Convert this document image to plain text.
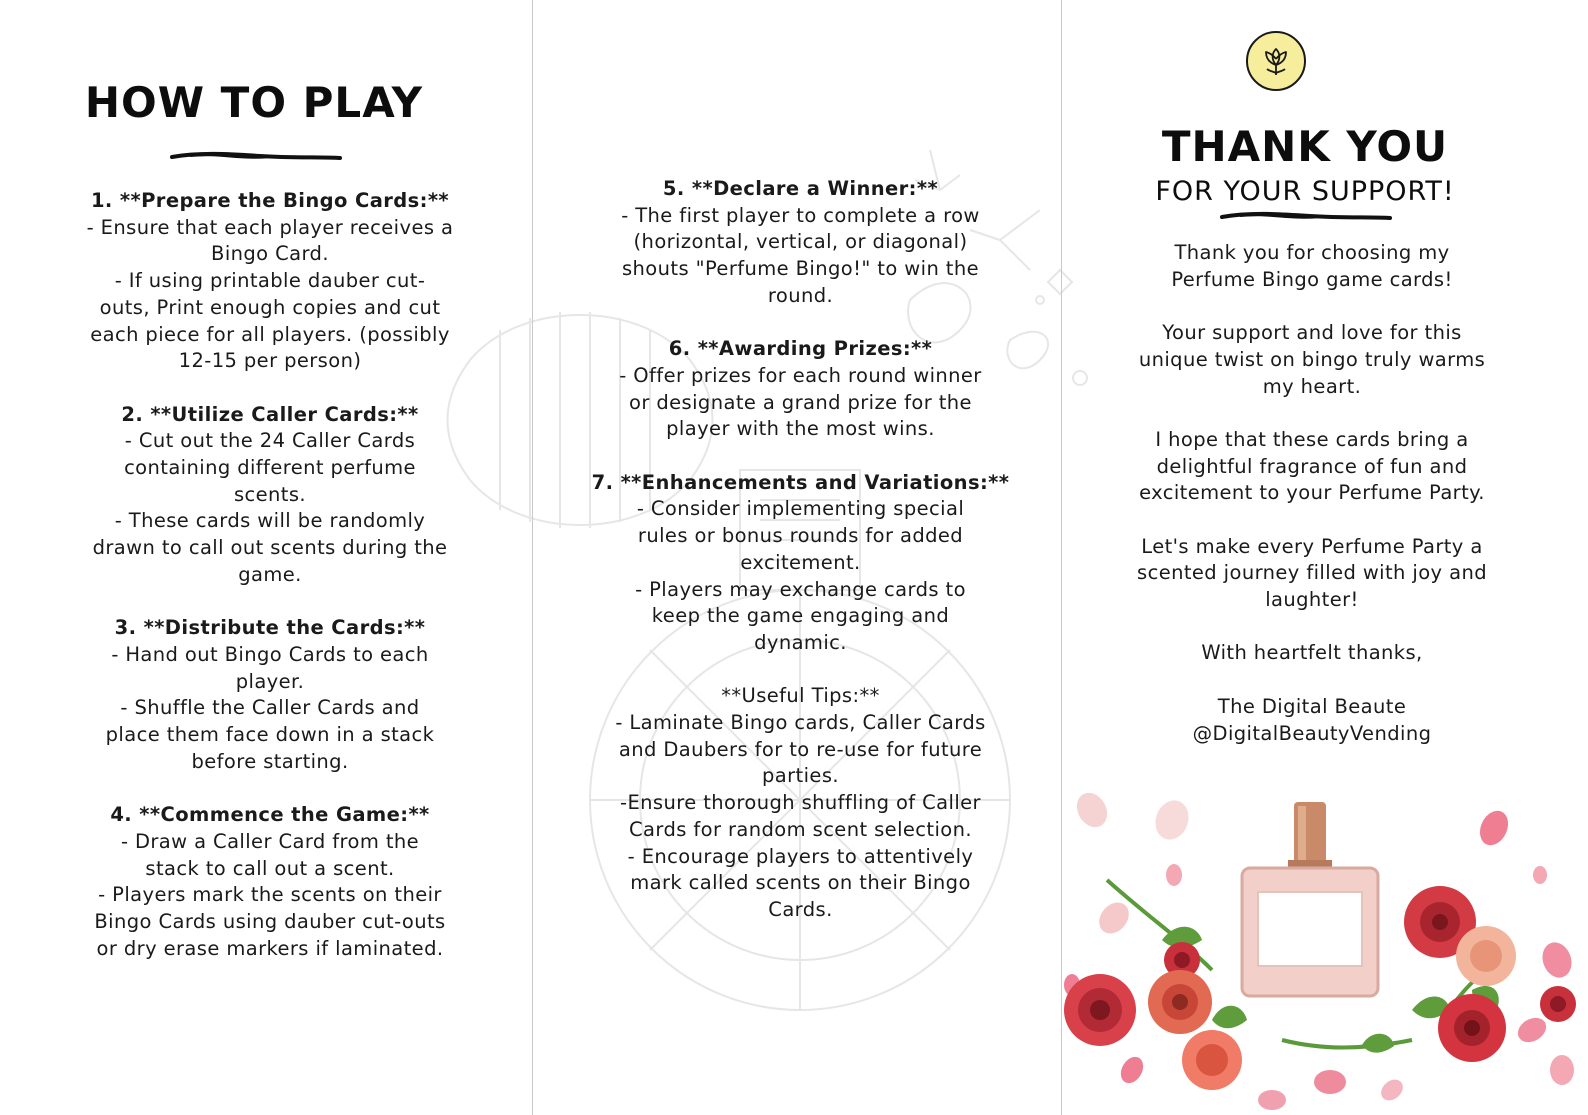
HOW TO PLAY
1. **Prepare the Bingo Cards:**
- Ensure that each player receives a
Bingo Card.
- If using printable dauber cut-
outs, Print enough copies and cut
each piece for all players. (possibly
12-15 per person)
2. **Utilize Caller Cards:**
- Cut out the 24 Caller Cards
containing different perfume
scents.
- These cards will be randomly
drawn to call out scents during the
game.
3. **Distribute the Cards:**
- Hand out Bingo Cards to each
player.
- Shuffle the Caller Cards and
place them face down in a stack
before starting.
4. **Commence the Game:**
- Draw a Caller Card from the
stack to call out a scent.
- Players mark the scents on their
Bingo Cards using dauber cut-outs
or dry erase markers if laminated.
5. **Declare a Winner:**
- The first player to complete a row
(horizontal, vertical, or diagonal)
shouts "Perfume Bingo!" to win the
round.
6. **Awarding Prizes:**
- Offer prizes for each round winner
or designate a grand prize for the
player with the most wins.
7. **Enhancements and Variations:**
- Consider implementing special
rules or bonus rounds for added
excitement.
- Players may exchange cards to
keep the game engaging and
dynamic.
**Useful Tips:**
- Laminate Bingo cards, Caller Cards
and Daubers for to re-use for future
parties.
-Ensure thorough shuffling of Caller
Cards for random scent selection.
- Encourage players to attentively
mark called scents on their Bingo
Cards.
THANK YOU
FOR YOUR SUPPORT!
Thank you for choosing my
Perfume Bingo game cards!
Your support and love for this
unique twist on bingo truly warms
my heart.
I hope that these cards bring a
delightful fragrance of fun and
excitement to your Perfume Party.
Let's make every Perfume Party a
scented journey filled with joy and
laughter!
With heartfelt thanks,
The Digital Beaute
@DigitalBeautyVending
